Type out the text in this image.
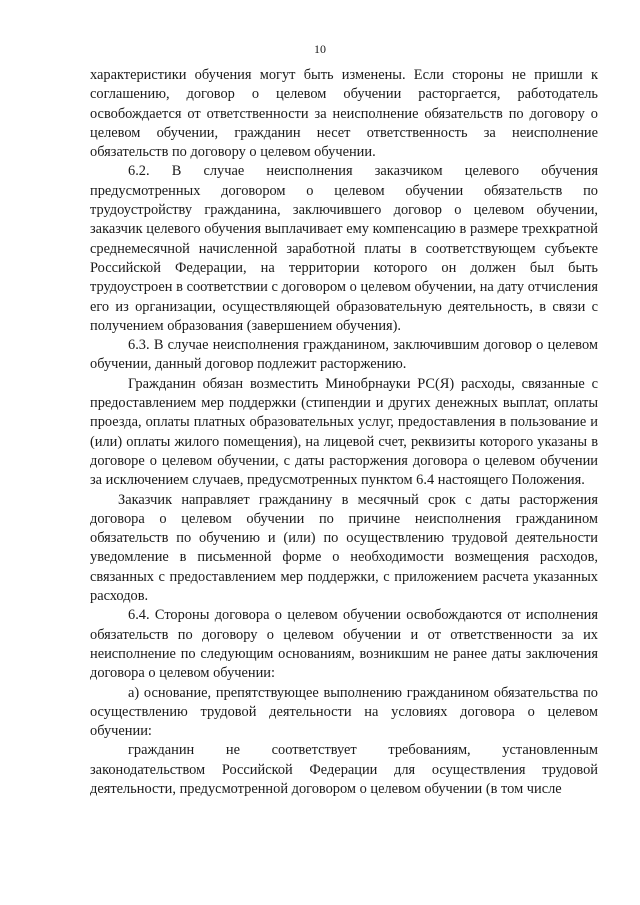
10

характеристики обучения могут быть изменены. Если стороны не пришли к соглашению, договор о целевом обучении расторгается, работодатель освобождается от ответственности за неисполнение обязательств по договору о целевом обучении, гражданин несет ответственность за неисполнение обязательств по договору о целевом обучении.

6.2. В случае неисполнения заказчиком целевого обучения предусмотренных договором о целевом обучении обязательств по трудоустройству гражданина, заключившего договор о целевом обучении, заказчик целевого обучения выплачивает ему компенсацию в размере трехкратной среднемесячной начисленной заработной платы в соответствующем субъекте Российской Федерации, на территории которого он должен был быть трудоустроен в соответствии с договором о целевом обучении, на дату отчисления его из организации, осуществляющей образовательную деятельность, в связи с получением образования (завершением обучения).

6.3. В случае неисполнения гражданином, заключившим договор о целевом обучении, данный договор подлежит расторжению.

Гражданин обязан возместить Минобрнауки РС(Я) расходы, связанные с предоставлением мер поддержки (стипендии и других денежных выплат, оплаты проезда, оплаты платных образовательных услуг, предоставления в пользование и (или) оплаты жилого помещения), на лицевой счет, реквизиты которого указаны в договоре о целевом обучении, с даты расторжения договора о целевом обучении за исключением случаев, предусмотренных пунктом 6.4 настоящего Положения.

Заказчик направляет гражданину в месячный срок с даты расторжения договора о целевом обучении по причине неисполнения гражданином обязательств по обучению и (или) по осуществлению трудовой деятельности уведомление в письменной форме о необходимости возмещения расходов, связанных с предоставлением мер поддержки, с приложением расчета указанных расходов.

6.4. Стороны договора о целевом обучении освобождаются от исполнения обязательств по договору о целевом обучении и от ответственности за их неисполнение по следующим основаниям, возникшим не ранее даты заключения договора о целевом обучении:

а) основание, препятствующее выполнению гражданином обязательства по осуществлению трудовой деятельности на условиях договора о целевом обучении:

гражданин не соответствует требованиям, установленным законодательством Российской Федерации для осуществления трудовой деятельности, предусмотренной договором о целевом обучении (в том числе
